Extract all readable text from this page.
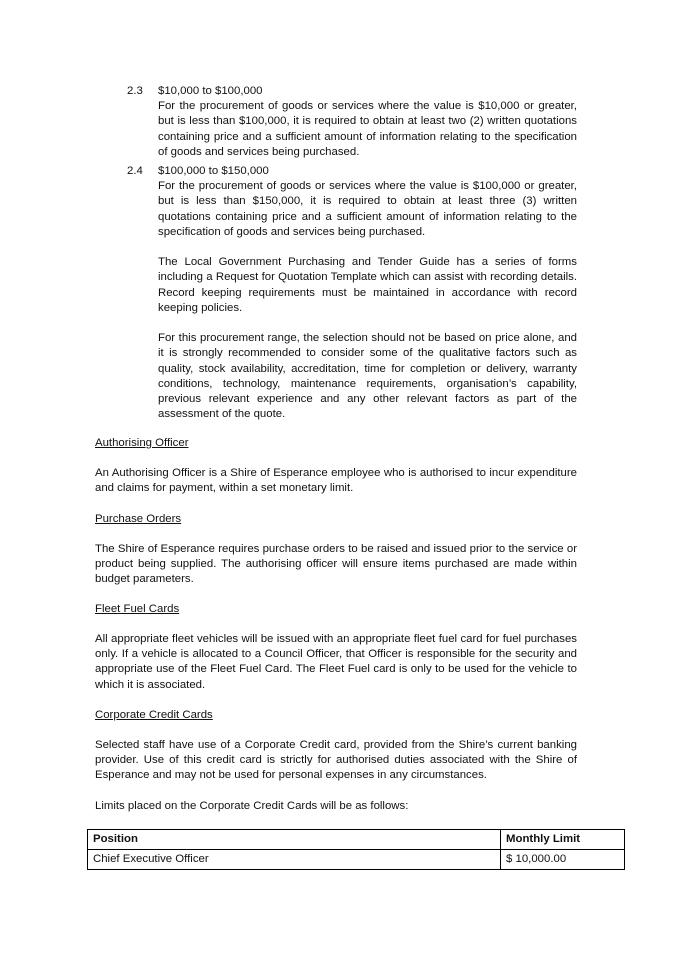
2.3 $10,000 to $100,000

For the procurement of goods or services where the value is $10,000 or greater, but is less than $100,000, it is required to obtain at least two (2) written quotations containing price and a sufficient amount of information relating to the specification of goods and services being purchased.

2.4 $100,000 to $150,000

For the procurement of goods or services where the value is $100,000 or greater, but is less than $150,000, it is required to obtain at least three (3) written quotations containing price and a sufficient amount of information relating to the specification of goods and services being purchased.

The Local Government Purchasing and Tender Guide has a series of forms including a Request for Quotation Template which can assist with recording details. Record keeping requirements must be maintained in accordance with record keeping policies.

For this procurement range, the selection should not be based on price alone, and it is strongly recommended to consider some of the qualitative factors such as quality, stock availability, accreditation, time for completion or delivery, warranty conditions, technology, maintenance requirements, organisation’s capability, previous relevant experience and any other relevant factors as part of the assessment of the quote.

Authorising Officer

An Authorising Officer is a Shire of Esperance employee who is authorised to incur expenditure and claims for payment, within a set monetary limit.

Purchase Orders

The Shire of Esperance requires purchase orders to be raised and issued prior to the service or product being supplied. The authorising officer will ensure items purchased are made within budget parameters.

Fleet Fuel Cards

All appropriate fleet vehicles will be issued with an appropriate fleet fuel card for fuel purchases only. If a vehicle is allocated to a Council Officer, that Officer is responsible for the security and appropriate use of the Fleet Fuel Card. The Fleet Fuel card is only to be used for the vehicle to which it is associated.

Corporate Credit Cards

Selected staff have use of a Corporate Credit card, provided from the Shire’s current banking provider. Use of this credit card is strictly for authorised duties associated with the Shire of Esperance and may not be used for personal expenses in any circumstances.

Limits placed on the Corporate Credit Cards will be as follows:

Position	Monthly Limit
Chief Executive Officer	$ 10,000.00
